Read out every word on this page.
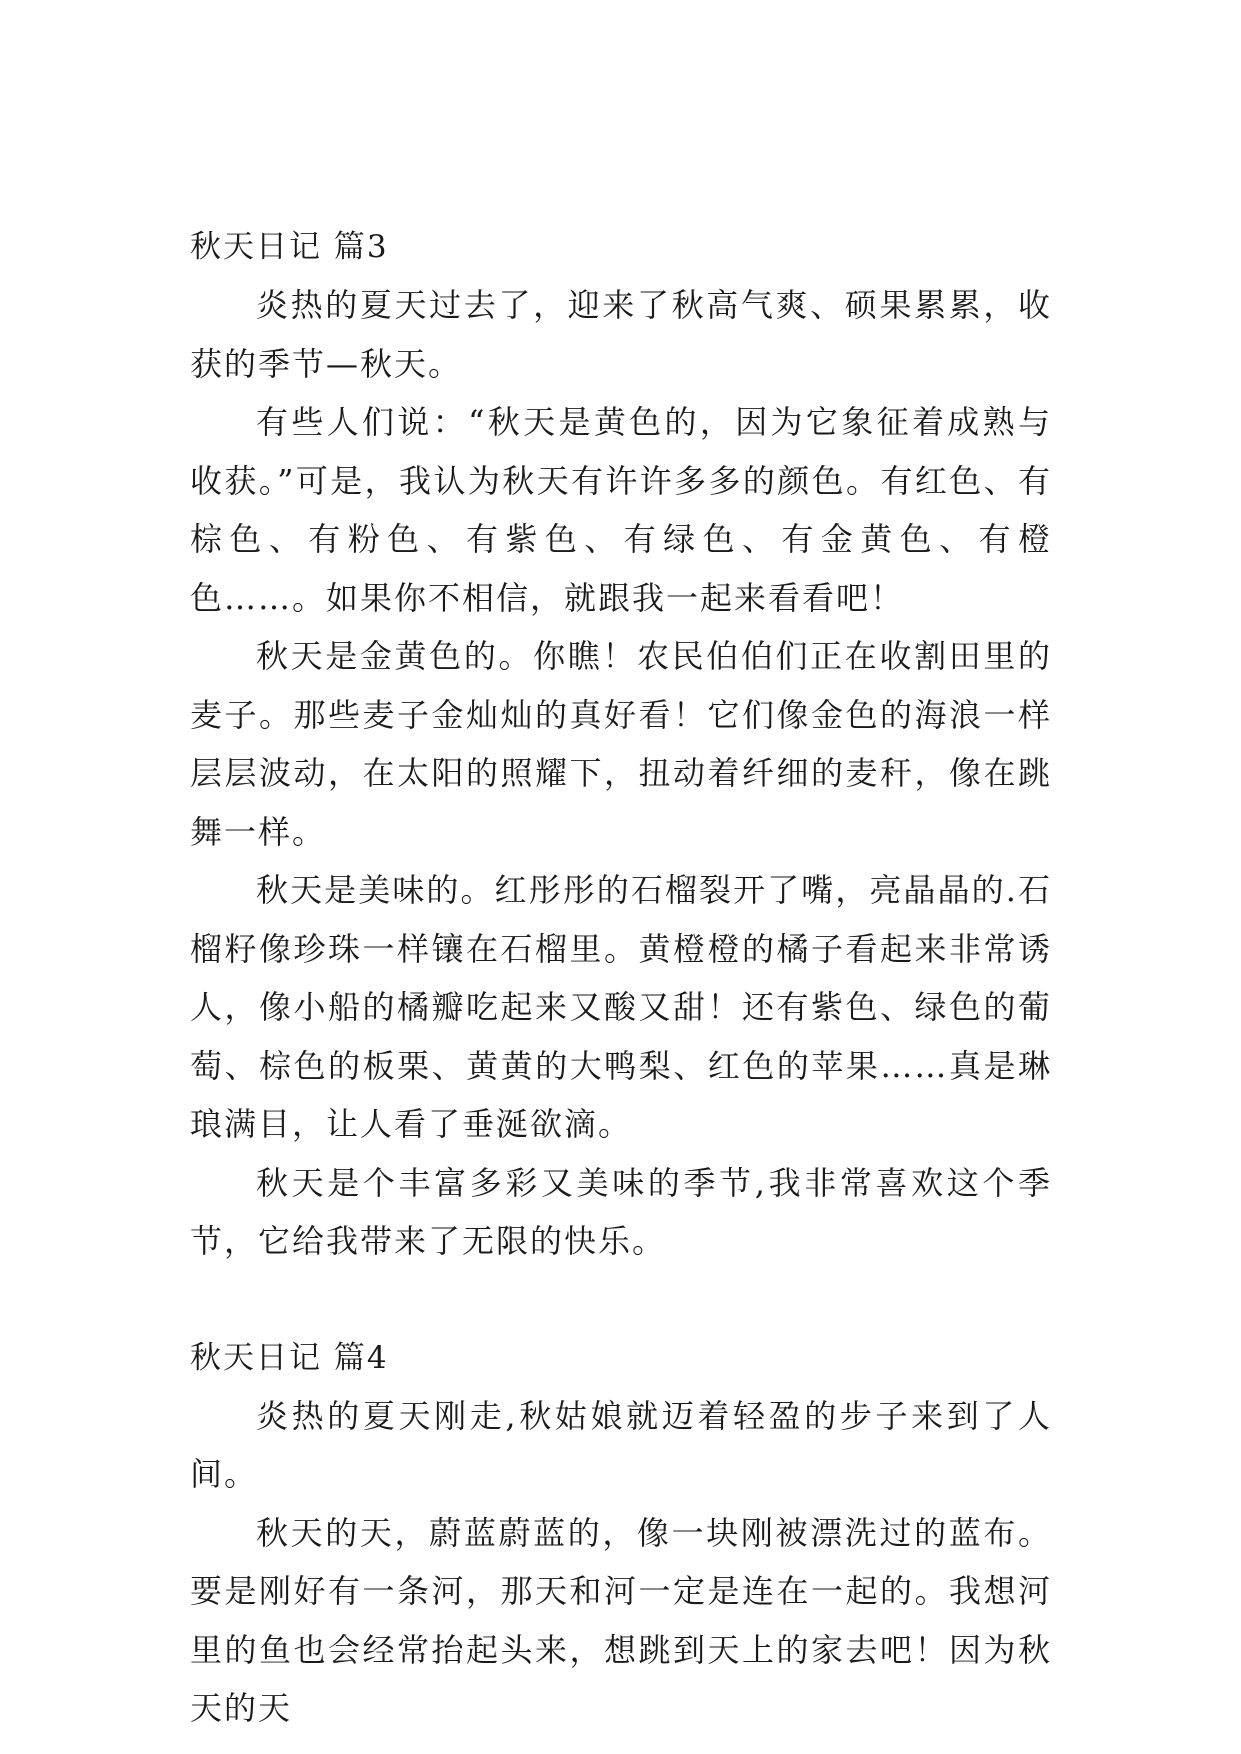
秋天日记 篇3

炎热的夏天过去了，迎来了秋高气爽、硕果累累，收获的季节—秋天。

有些人们说：“秋天是黄色的，因为它象征着成熟与收获。”可是，我认为秋天有许许多多的颜色。有红色、有棕色、有粉色、有紫色、有绿色、有金黄色、有橙色……。如果你不相信，就跟我一起来看看吧！

秋天是金黄色的。你瞧！农民伯伯们正在收割田里的麦子。那些麦子金灿灿的真好看！它们像金色的海浪一样层层波动，在太阳的照耀下，扭动着纤细的麦秆，像在跳舞一样。

秋天是美味的。红彤彤的石榴裂开了嘴，亮晶晶的.石榴籽像珍珠一样镶在石榴里。黄橙橙的橘子看起来非常诱人，像小船的橘瓣吃起来又酸又甜！还有紫色、绿色的葡萄、棕色的板栗、黄黄的大鸭梨、红色的苹果……真是琳琅满目，让人看了垂涎欲滴。

秋天是个丰富多彩又美味的季节,我非常喜欢这个季节，它给我带来了无限的快乐。

秋天日记 篇4

炎热的夏天刚走,秋姑娘就迈着轻盈的步子来到了人间。

秋天的天，蔚蓝蔚蓝的，像一块刚被漂洗过的蓝布。要是刚好有一条河，那天和河一定是连在一起的。我想河里的鱼也会经常抬起头来，想跳到天上的家去吧！因为秋天的天
